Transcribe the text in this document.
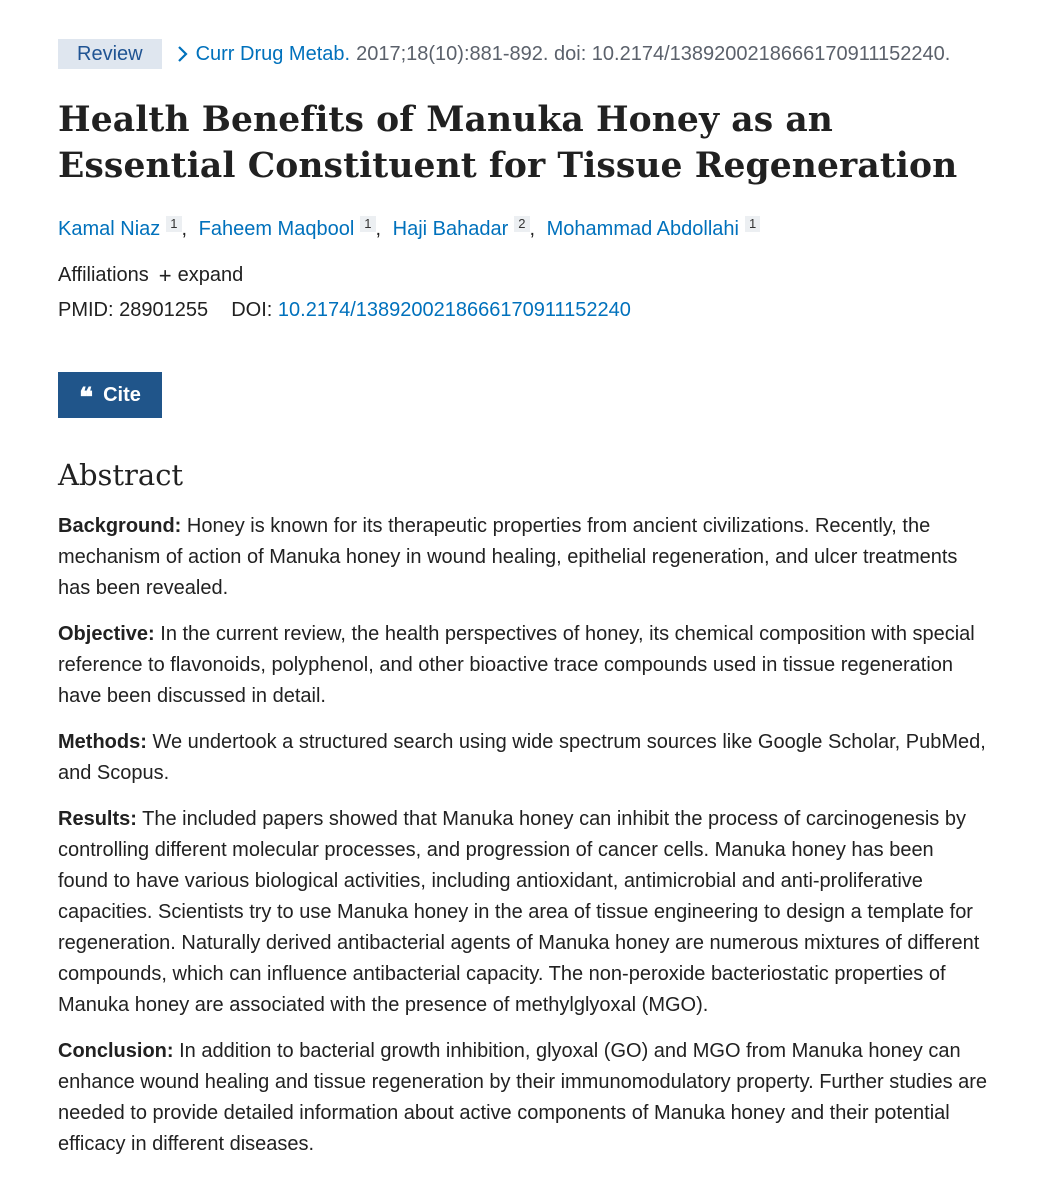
Review	Curr Drug Metab. 2017;18(10):881-892. doi: 10.2174/1389200218666170911152240.
Health Benefits of Manuka Honey as an Essential Constituent for Tissue Regeneration
Kamal Niaz 1 , Faheem Maqbool 1 , Haji Bahadar 2 , Mohammad Abdollahi 1
Affiliations + expand
PMID: 28901255 DOI: 10.2174/1389200218666170911152240
❝ Cite
Abstract

Background: Honey is known for its therapeutic properties from ancient civilizations. Recently, the mechanism of action of Manuka honey in wound healing, epithelial regeneration, and ulcer treatments has been revealed.

Objective: In the current review, the health perspectives of honey, its chemical composition with special reference to flavonoids, polyphenol, and other bioactive trace compounds used in tissue regeneration have been discussed in detail.

Methods: We undertook a structured search using wide spectrum sources like Google Scholar, PubMed, and Scopus.

Results: The included papers showed that Manuka honey can inhibit the process of carcinogenesis by controlling different molecular processes, and progression of cancer cells. Manuka honey has been found to have various biological activities, including antioxidant, antimicrobial and anti-proliferative capacities. Scientists try to use Manuka honey in the area of tissue engineering to design a template for regeneration. Naturally derived antibacterial agents of Manuka honey are numerous mixtures of different compounds, which can influence antibacterial capacity. The non-peroxide bacteriostatic properties of Manuka honey are associated with the presence of methylglyoxal (MGO).

Conclusion: In addition to bacterial growth inhibition, glyoxal (GO) and MGO from Manuka honey can enhance wound healing and tissue regeneration by their immunomodulatory property. Further studies are needed to provide detailed information about active components of Manuka honey and their potential efficacy in different diseases.
